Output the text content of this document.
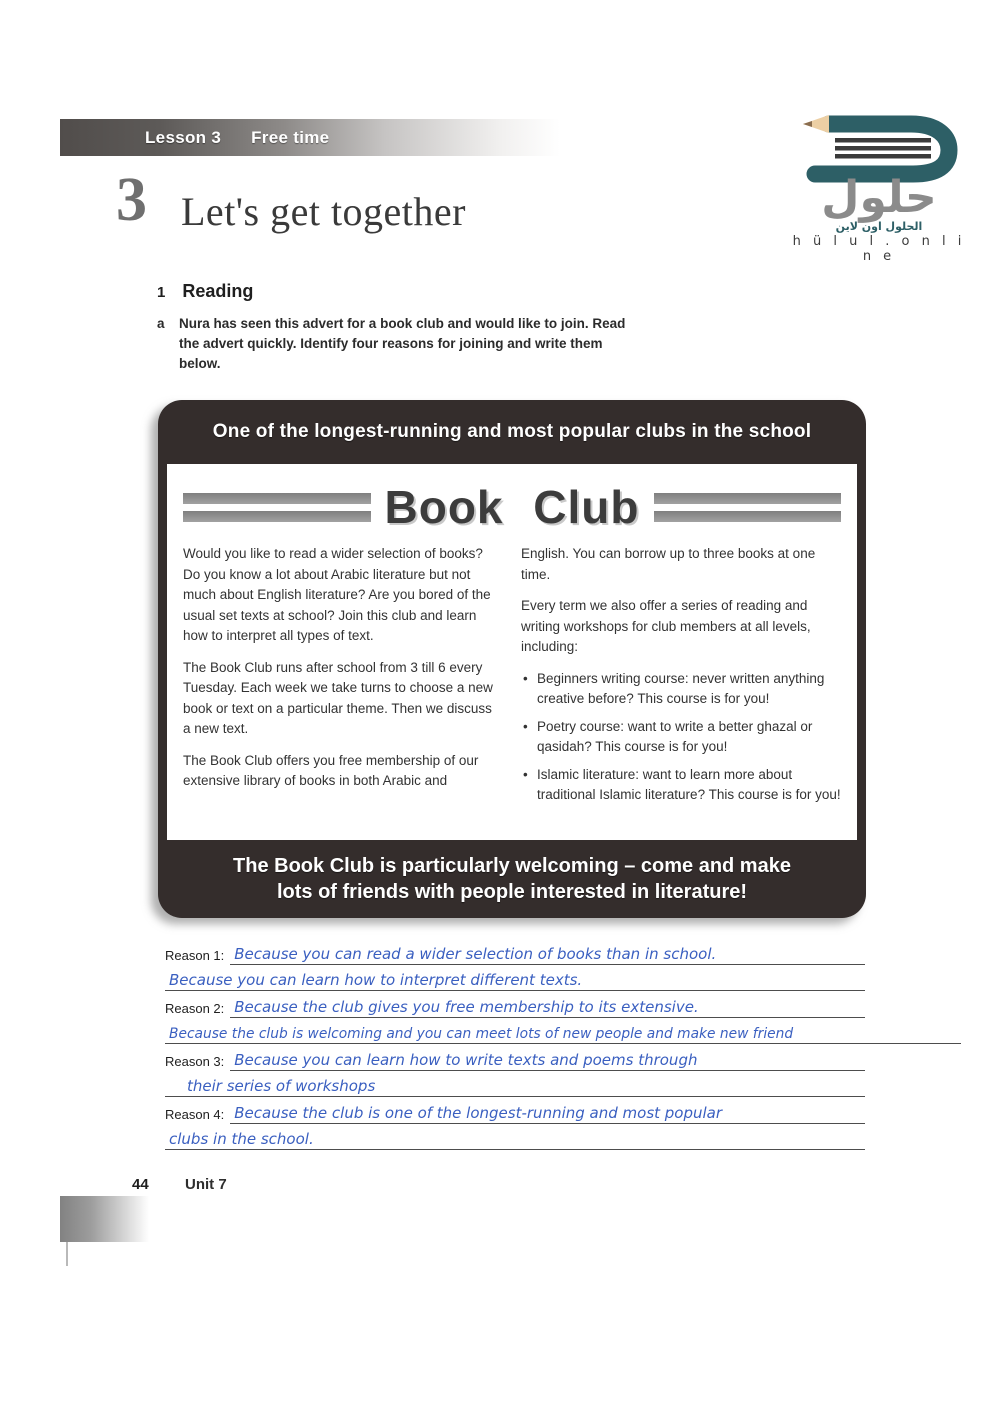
Lesson 3 Free time
حلول
الحلول اون لاين
h ü l u l . o n l i n e
3 Let's get together
1 Reading
a	Nura has seen this advert for a book club and would like to join. Read the advert quickly. Identify four reasons for joining and write them below.
One of the longest-running and most popular clubs in the school
Book Club

Would you like to read a wider selection of books? Do you know a lot about Arabic literature but not much about English literature? Are you bored of the usual set texts at school? Join this club and learn how to interpret all types of text.

The Book Club runs after school from 3 till 6 every Tuesday. Each week we take turns to choose a new book or text on a particular theme. Then we discuss a new text.

The Book Club offers you free membership of our extensive library of books in both Arabic and

English. You can borrow up to three books at one time.

Every term we also offer a series of reading and writing workshops for club members at all levels, including:

• Beginners writing course: never written anything creative before? This course is for you!
• Poetry course: want to write a better ghazal or qasidah? This course is for you!
• Islamic literature: want to learn more about traditional Islamic literature? This course is for you!
The Book Club is particularly welcoming – come and make
lots of friends with people interested in literature!
Reason 1: Because you can read a wider selection of books than in school.
Because you can learn how to interpret different texts.
Reason 2: Because the club gives you free membership to its extensive.
Because the club is welcoming and you can meet lots of new people and make new friend
Reason 3: Because you can learn how to write texts and poems through
their series of workshops
Reason 4: Because the club is one of the longest-running and most popular
clubs in the school.
44 Unit 7
